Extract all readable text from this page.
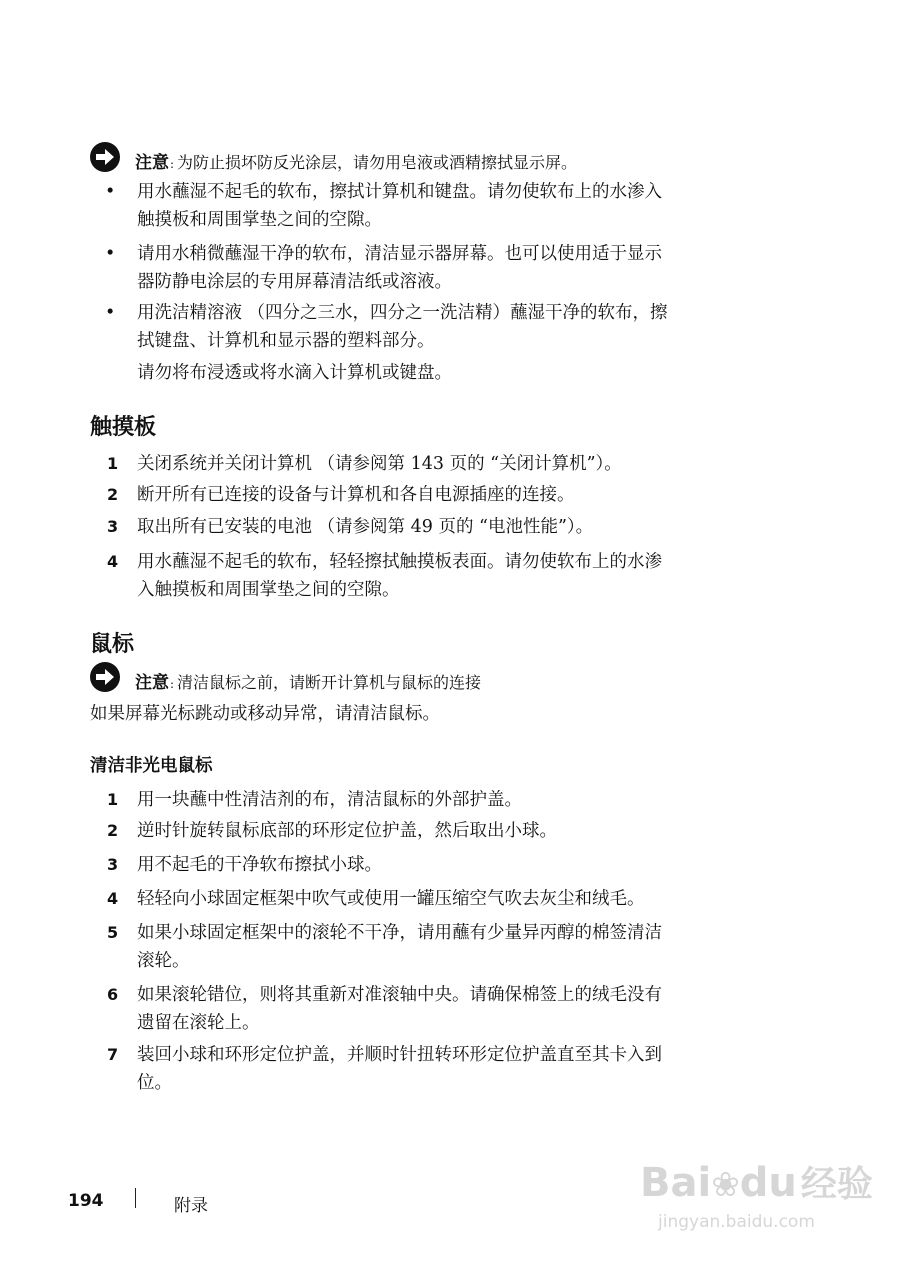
注意 : 为防止损坏防反光涂层，请勿用皂液或酒精擦拭显示屏。
• 用水蘸湿不起毛的软布，擦拭计算机和键盘。请勿使软布上的水渗入
触摸板和周围掌垫之间的空隙。
• 请用水稍微蘸湿干净的软布，清洁显示器屏幕。也可以使用适于显示
器防静电涂层的专用屏幕清洁纸或溶液。
• 用洗洁精溶液 （四分之三水，四分之一洗洁精）蘸湿干净的软布，擦
拭键盘、计算机和显示器的塑料部分。
请勿将布浸透或将水滴入计算机或键盘。
触摸板
1 关闭系统并关闭计算机 （请参阅第 143 页的 “关闭计算机”）。
2 断开所有已连接的设备与计算机和各自电源插座的连接。
3 取出所有已安装的电池 （请参阅第 49 页的 “电池性能”）。
4 用水蘸湿不起毛的软布，轻轻擦拭触摸板表面。请勿使软布上的水渗
入触摸板和周围掌垫之间的空隙。
鼠标
注意 : 清洁鼠标之前，请断开计算机与鼠标的连接
如果屏幕光标跳动或移动异常，请清洁鼠标。
清洁非光电鼠标
1 用一块蘸中性清洁剂的布，清洁鼠标的外部护盖。
2 逆时针旋转鼠标底部的环形定位护盖，然后取出小球。
3 用不起毛的干净软布擦拭小球。
4 轻轻向小球固定框架中吹气或使用一罐压缩空气吹去灰尘和绒毛。
5 如果小球固定框架中的滚轮不干净，请用蘸有少量异丙醇的棉签清洁
滚轮。
6 如果滚轮错位，则将其重新对准滚轴中央。请确保棉签上的绒毛没有
遗留在滚轮上。
7 装回小球和环形定位护盖，并顺时针扭转环形定位护盖直至其卡入到
位。
194	附录	Bai❀du 经验
jingyan.baidu.com
